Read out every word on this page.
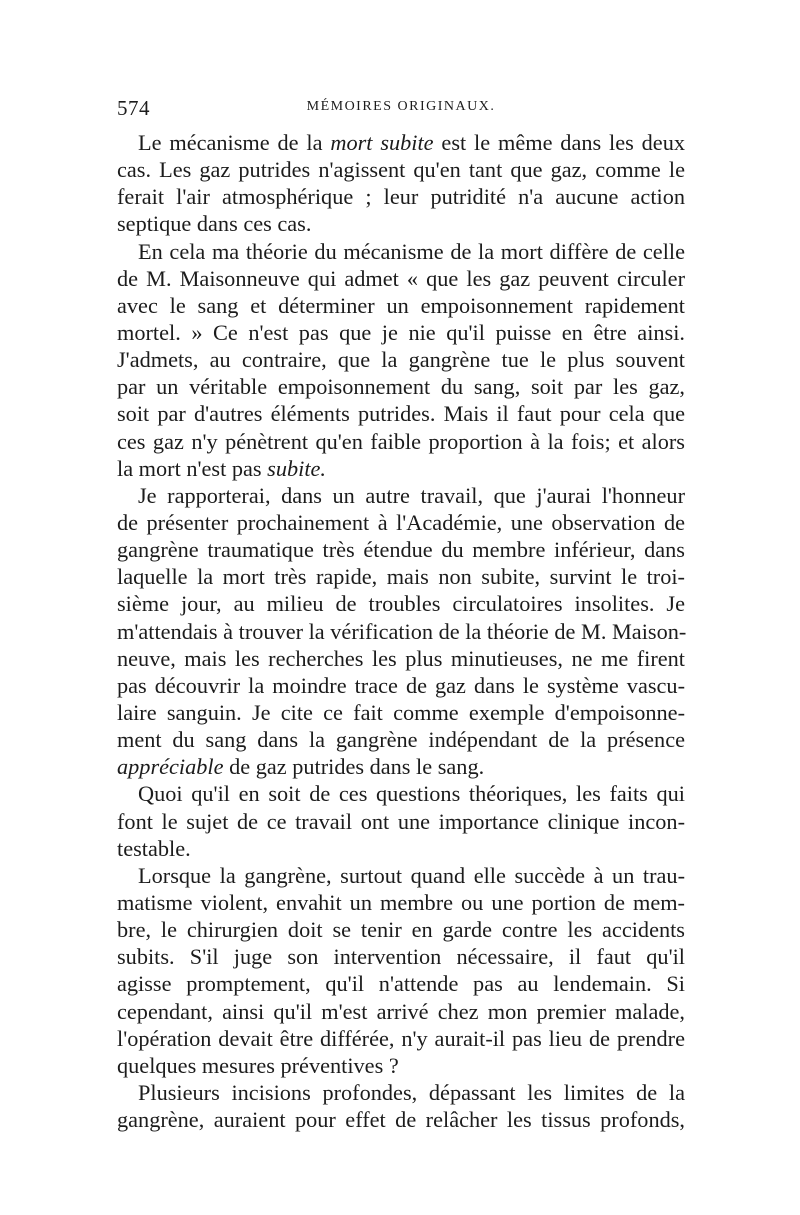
574	MÉMOIRES ORIGINAUX.
Le mécanisme de la mort subite est le même dans les deux
cas. Les gaz putrides n'agissent qu'en tant que gaz, comme le
ferait l'air atmosphérique ; leur putridité n'a aucune action
septique dans ces cas.
En cela ma théorie du mécanisme de la mort diffère de celle
de M. Maisonneuve qui admet « que les gaz peuvent circuler
avec le sang et déterminer un empoisonnement rapidement
mortel. » Ce n'est pas que je nie qu'il puisse en être ainsi.
J'admets, au contraire, que la gangrène tue le plus souvent
par un véritable empoisonnement du sang, soit par les gaz,
soit par d'autres éléments putrides. Mais il faut pour cela que
ces gaz n'y pénètrent qu'en faible proportion à la fois; et alors
la mort n'est pas subite.
Je rapporterai, dans un autre travail, que j'aurai l'honneur
de présenter prochainement à l'Académie, une observation de
gangrène traumatique très étendue du membre inférieur, dans
laquelle la mort très rapide, mais non subite, survint le troi-
sième jour, au milieu de troubles circulatoires insolites. Je
m'attendais à trouver la vérification de la théorie de M. Maison-
neuve, mais les recherches les plus minutieuses, ne me firent
pas découvrir la moindre trace de gaz dans le système vascu-
laire sanguin. Je cite ce fait comme exemple d'empoisonne-
ment du sang dans la gangrène indépendant de la présence
appréciable de gaz putrides dans le sang.
Quoi qu'il en soit de ces questions théoriques, les faits qui
font le sujet de ce travail ont une importance clinique incon-
testable.
Lorsque la gangrène, surtout quand elle succède à un trau-
matisme violent, envahit un membre ou une portion de mem-
bre, le chirurgien doit se tenir en garde contre les accidents
subits. S'il juge son intervention nécessaire, il faut qu'il
agisse promptement, qu'il n'attende pas au lendemain. Si
cependant, ainsi qu'il m'est arrivé chez mon premier malade,
l'opération devait être différée, n'y aurait-il pas lieu de prendre
quelques mesures préventives ?
Plusieurs incisions profondes, dépassant les limites de la
gangrène, auraient pour effet de relâcher les tissus profonds,
